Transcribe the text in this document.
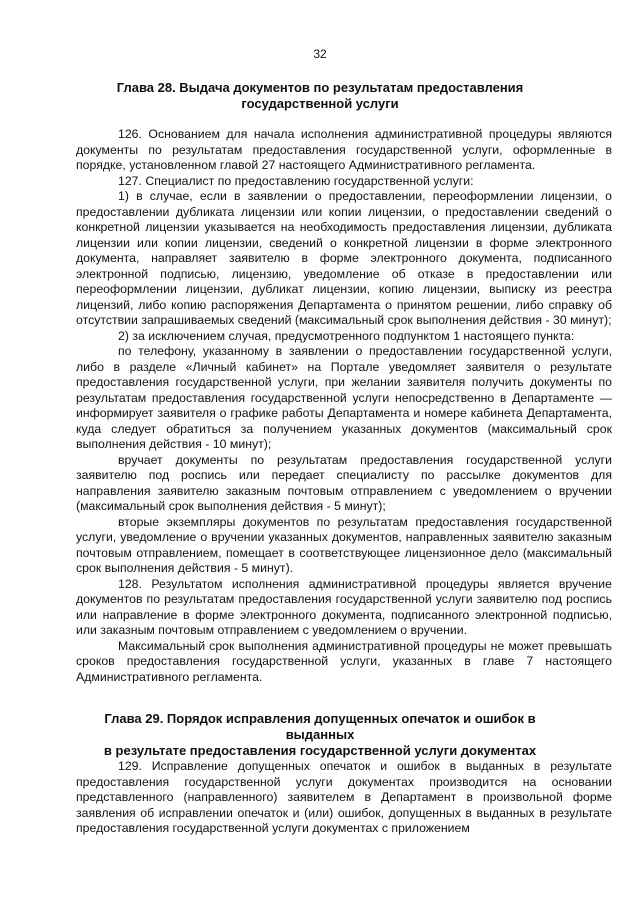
32
Глава 28. Выдача документов по результатам предоставления
государственной услуги

126. Основанием для начала исполнения административной процедуры являются документы по результатам предоставления государственной услуги, оформленные в порядке, установленном главой 27 настоящего Административного регламента.

127. Специалист по предоставлению государственной услуги:

1) в случае, если в заявлении о предоставлении, переоформлении лицензии, о предоставлении дубликата лицензии или копии лицензии, о предоставлении сведений о конкретной лицензии указывается на необходимость предоставления лицензии, дубликата лицензии или копии лицензии, сведений о конкретной лицензии в форме электронного документа, направляет заявителю в форме электронного документа, подписанного электронной подписью, лицензию, уведомление об отказе в предоставлении или переоформлении лицензии, дубликат лицензии, копию лицензии, выписку из реестра лицензий, либо копию распоряжения Департамента о принятом решении, либо справку об отсутствии запрашиваемых сведений (максимальный срок выполнения действия - 30 минут);

2) за исключением случая, предусмотренного подпунктом 1 настоящего пункта:

по телефону, указанному в заявлении о предоставлении государственной услуги, либо в разделе «Личный кабинет» на Портале уведомляет заявителя о результате предоставления государственной услуги, при желании заявителя получить документы по результатам предоставления государственной услуги непосредственно в Департаменте — информирует заявителя о графике работы Департамента и номере кабинета Департамента, куда следует обратиться за получением указанных документов (максимальный срок выполнения действия - 10 минут);

вручает документы по результатам предоставления государственной услуги заявителю под роспись или передает специалисту по рассылке документов для направления заявителю заказным почтовым отправлением с уведомлением о вручении (максимальный срок выполнения действия - 5 минут);

вторые экземпляры документов по результатам предоставления государственной услуги, уведомление о вручении указанных документов, направленных заявителю заказным почтовым отправлением, помещает в соответствующее лицензионное дело (максимальный срок выполнения действия - 5 минут).

128. Результатом исполнения административной процедуры является вручение документов по результатам предоставления государственной услуги заявителю под роспись или направление в форме электронного документа, подписанного электронной подписью, или заказным почтовым отправлением с уведомлением о вручении.

Максимальный срок выполнения административной процедуры не может превышать сроков предоставления государственной услуги, указанных в главе 7 настоящего Административного регламента.

Глава 29. Порядок исправления допущенных опечаток и ошибок в выданных
в результате предоставления государственной услуги документах

129. Исправление допущенных опечаток и ошибок в выданных в результате предоставления государственной услуги документах производится на основании представленного (направленного) заявителем в Департамент в произвольной форме заявления об исправлении опечаток и (или) ошибок, допущенных в выданных в результате предоставления государственной услуги документах с приложением
